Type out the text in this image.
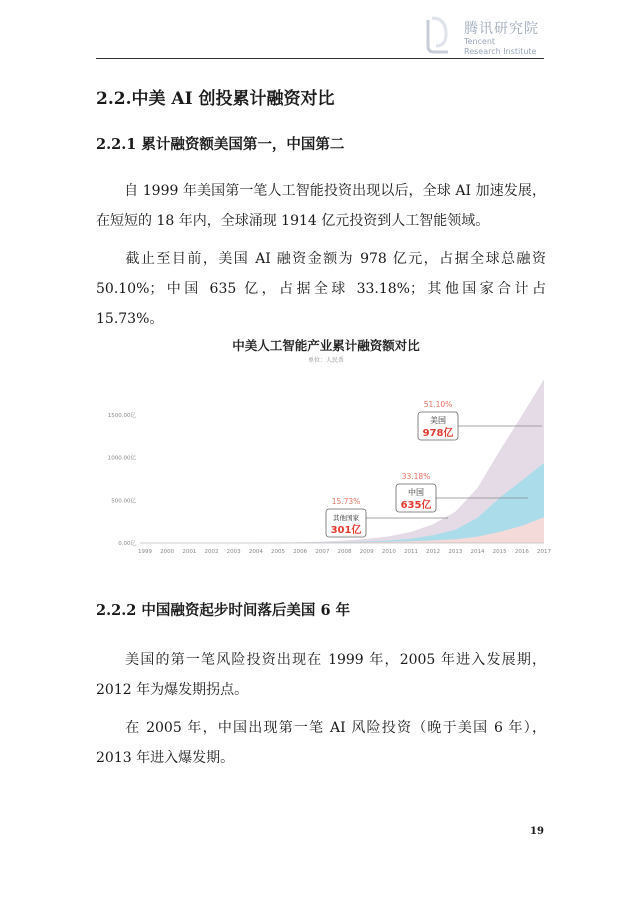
腾讯研究院
Tencent
Research Institute
2.2.中美 AI 创投累计融资对比
2.2.1 累计融资额美国第一，中国第二
自 1999 年美国第一笔人工智能投资出现以后，全球 AI 加速发展，在短短的 18 年内，全球涌现 1914 亿元投资到人工智能领域。
截止至目前，美国 AI 融资金额为 978 亿元，占据全球总融资 50.10%；中国 635 亿，占据全球 33.18%；其他国家合计占 15.73%。
中美人工智能产业累计融资额对比
单位：人民币
0.00亿
500.00亿
1000.00亿
1500.00亿
1999 2000 2001 2002 2003 2004 2005 2006 2007 2008 2009 2010 2011 2012 2013 2014 2015 2016 2017
51.10%
美国
978亿
33.18%
中国
635亿
15.73%
其他国家
301亿
2.2.2 中国融资起步时间落后美国 6 年
美国的第一笔风险投资出现在 1999 年，2005 年进入发展期，2012 年为爆发期拐点。
在 2005 年，中国出现第一笔 AI 风险投资（晚于美国 6 年），2013 年进入爆发期。
19
